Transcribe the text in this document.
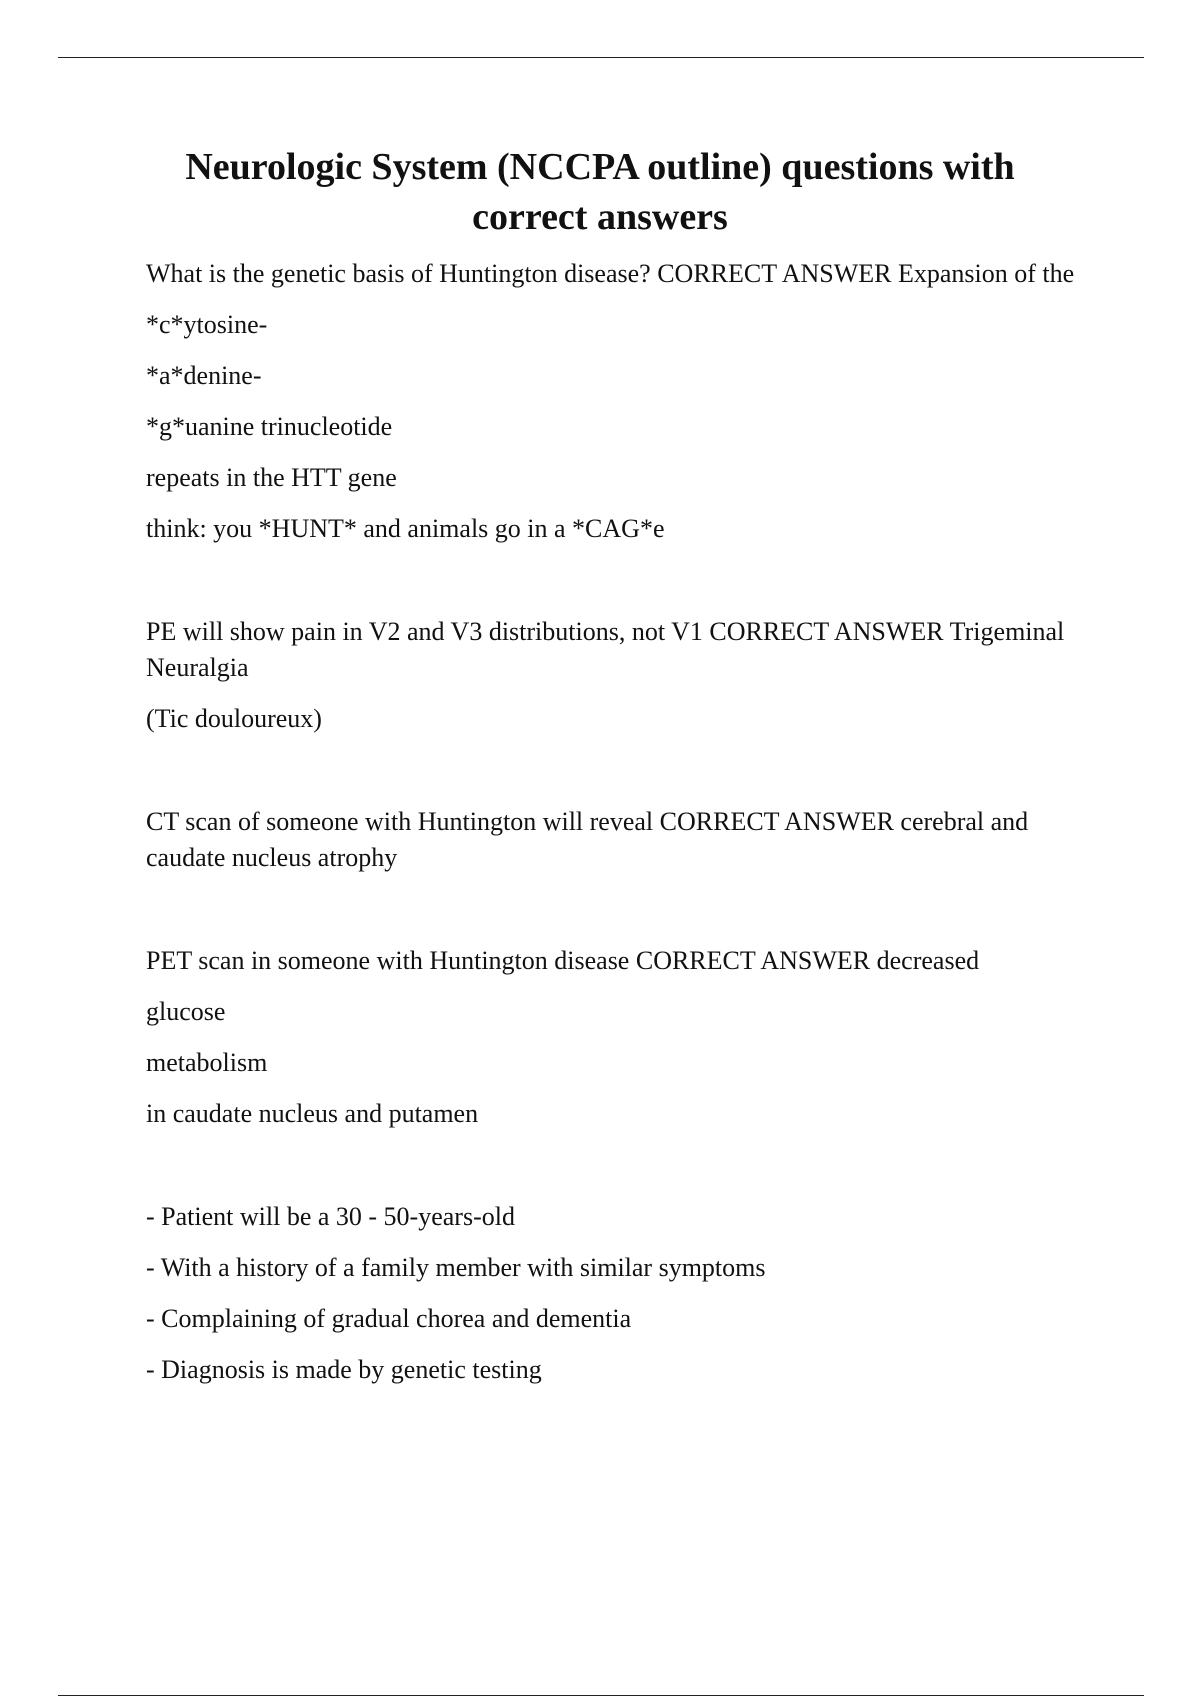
Neurologic System (NCCPA outline) questions with
correct answers

What is the genetic basis of Huntington disease? CORRECT ANSWER Expansion of the

*c*ytosine-

*a*denine-

*g*uanine trinucleotide

repeats in the HTT gene

think: you *HUNT* and animals go in a *CAG*e

PE will show pain in V2 and V3 distributions, not V1 CORRECT ANSWER Trigeminal Neuralgia

(Tic douloureux)

CT scan of someone with Huntington will reveal CORRECT ANSWER cerebral and caudate nucleus atrophy

PET scan in someone with Huntington disease CORRECT ANSWER decreased

glucose

metabolism

in caudate nucleus and putamen

- Patient will be a 30 - 50-years-old

- With a history of a family member with similar symptoms

- Complaining of gradual chorea and dementia

- Diagnosis is made by genetic testing
